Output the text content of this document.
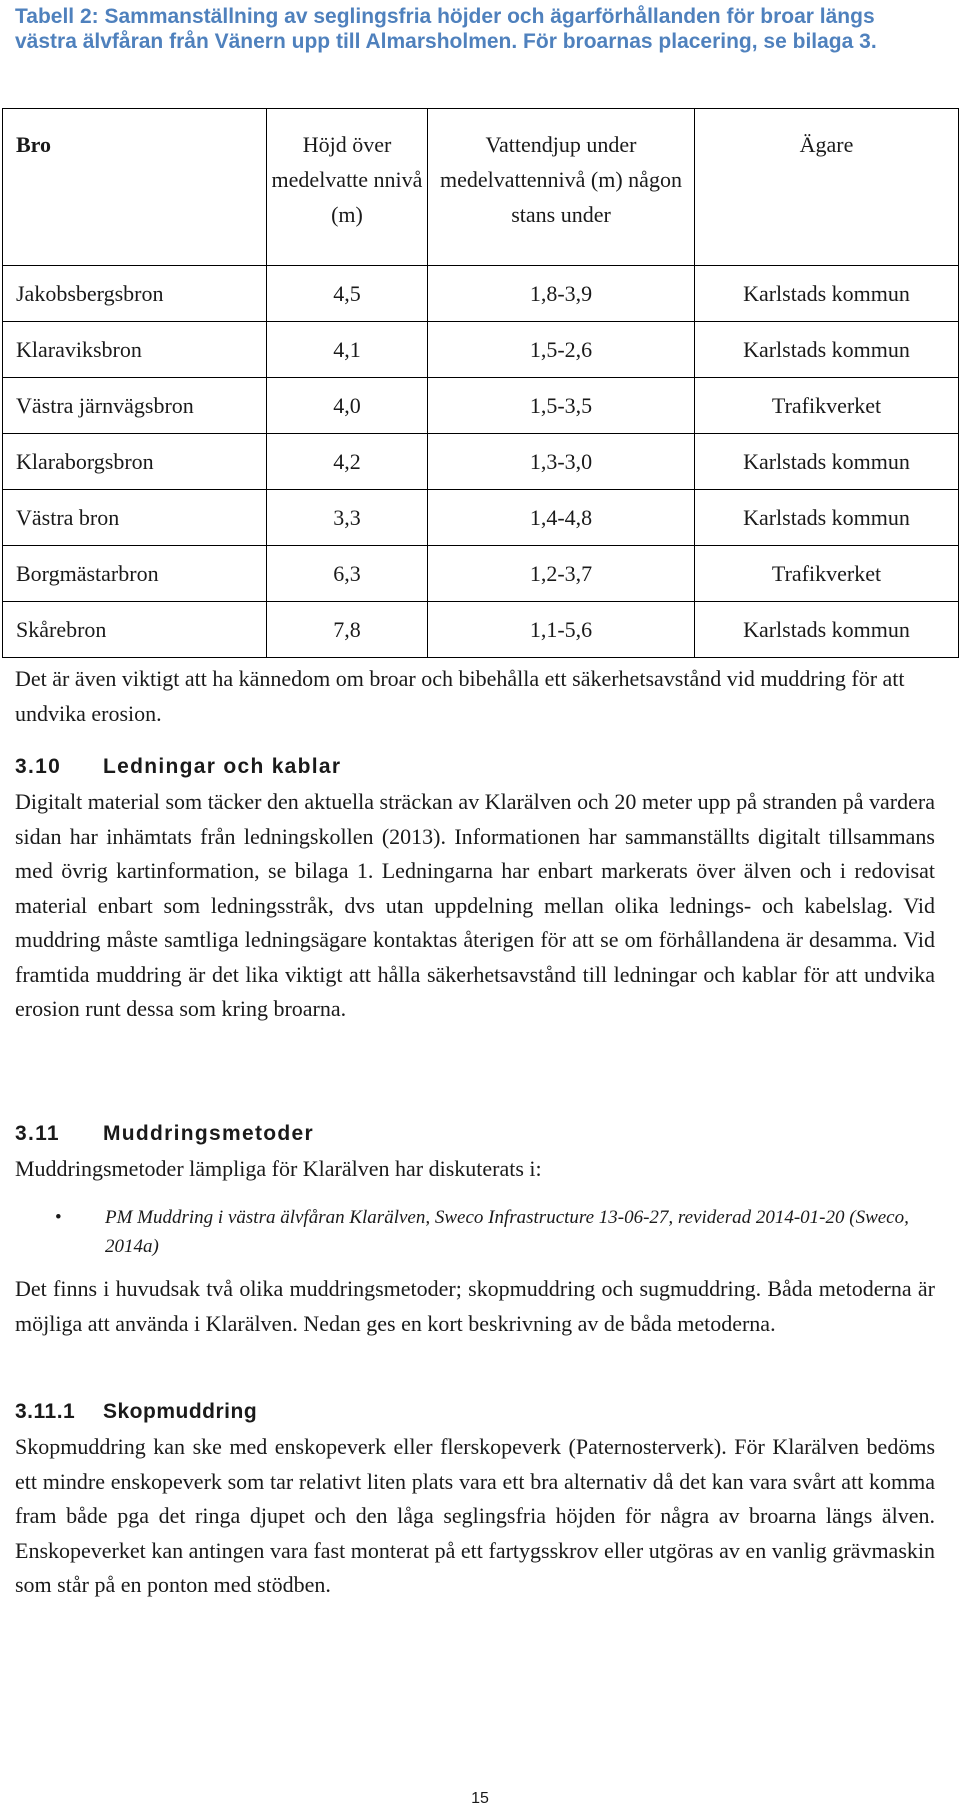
Tabell 2: Sammanställning av seglingsfria höjder och ägarförhållanden för broar längs västra älvfåran från Vänern upp till Almarsholmen. För broarnas placering, se bilaga 3.
Bro	Höjd över medelvatte nnivå (m)	Vattendjup under medelvattennivå (m) någon stans under	Ägare
Jakobsbergsbron	4,5	1,8-3,9	Karlstads kommun
Klaraviksbron	4,1	1,5-2,6	Karlstads kommun
Västra järnvägsbron	4,0	1,5-3,5	Trafikverket
Klaraborgsbron	4,2	1,3-3,0	Karlstads kommun
Västra bron	3,3	1,4-4,8	Karlstads kommun
Borgmästarbron	6,3	1,2-3,7	Trafikverket
Skårebron	7,8	1,1-5,6	Karlstads kommun
Det är även viktigt att ha kännedom om broar och bibehålla ett säkerhetsavstånd vid muddring för att undvika erosion.
3.10 Ledningar och kablar
Digitalt material som täcker den aktuella sträckan av Klarälven och 20 meter upp på stranden på vardera sidan har inhämtats från ledningskollen (2013). Informationen har sammanställts digitalt tillsammans med övrig kartinformation, se bilaga 1. Ledningarna har enbart markerats över älven och i redovisat material enbart som ledningsstråk, dvs utan uppdelning mellan olika lednings- och kabelslag. Vid muddring måste samtliga ledningsägare kontaktas återigen för att se om förhållandena är desamma. Vid framtida muddring är det lika viktigt att hålla säkerhetsavstånd till ledningar och kablar för att undvika erosion runt dessa som kring broarna.
3.11 Muddringsmetoder
Muddringsmetoder lämpliga för Klarälven har diskuterats i:
• PM Muddring i västra älvfåran Klarälven, Sweco Infrastructure 13-06-27, reviderad 2014-01-20 (Sweco, 2014a)
Det finns i huvudsak två olika muddringsmetoder; skopmuddring och sugmuddring. Båda metoderna är möjliga att använda i Klarälven. Nedan ges en kort beskrivning av de båda metoderna.
3.11.1 Skopmuddring
Skopmuddring kan ske med enskopeverk eller flerskopeverk (Paternosterverk). För Klarälven bedöms ett mindre enskopeverk som tar relativt liten plats vara ett bra alternativ då det kan vara svårt att komma fram både pga det ringa djupet och den låga seglingsfria höjden för några av broarna längs älven. Enskopeverket kan antingen vara fast monterat på ett fartygsskrov eller utgöras av en vanlig grävmaskin som står på en ponton med stödben.
15
